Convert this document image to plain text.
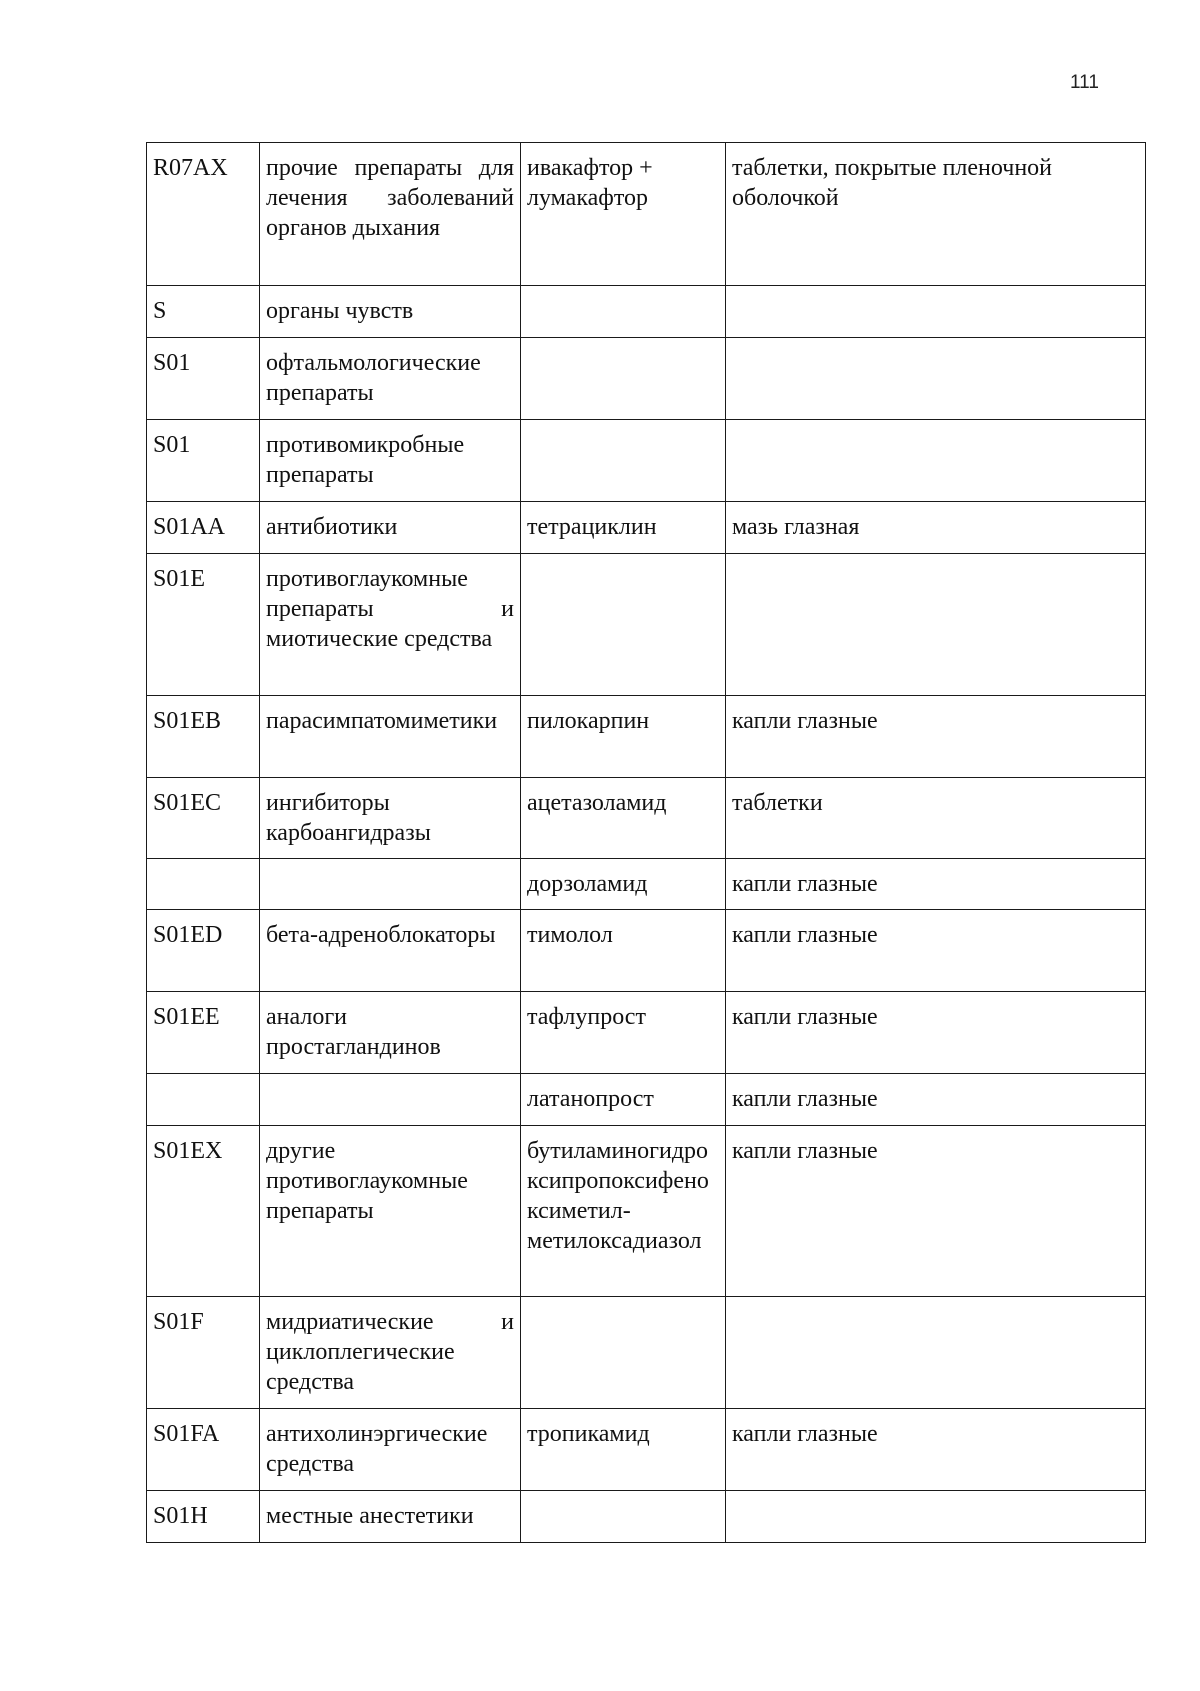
111
R07AX	прочие препараты для лечения заболеваний органов дыхания	ивакафтор + лумакафтор	таблетки, покрытые пленочной оболочкой
S	органы чувств		
S01	офтальмологические препараты		
S01	противомикробные препараты		
S01AA	антибиотики	тетрациклин	мазь глазная
S01E	противоглаукомные препараты и миотические средства		
S01EB	парасимпатомиметики	пилокарпин	капли глазные
S01EC	ингибиторы карбоангидразы	ацетазоламид	таблетки
		дорзоламид	капли глазные
S01ED	бета-адреноблокаторы	тимолол	капли глазные
S01EE	аналоги простагландинов	тафлупрост	капли глазные
		латанопрост	капли глазные
S01EX	другие противоглаукомные препараты	бутиламиногидроксипропоксифеноксиметил-метилоксадиазол	капли глазные
S01F	мидриатические и циклоплегические средства		
S01FA	антихолинэргические средства	тропикамид	капли глазные
S01H	местные анестетики		
